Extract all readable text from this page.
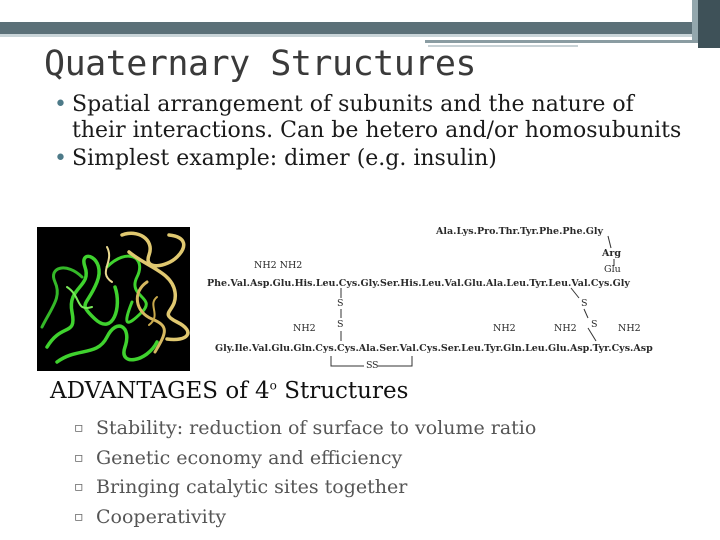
Quaternary Structures
• Spatial arrangement of subunits and the nature of their interactions. Can be hetero and/or homosubunits
• Simplest example: dimer (e.g. insulin)
Ala.Lys.Pro.Thr.Tyr.Phe.Phe.Gly
Arg
Glu
NH2 NH2
Phe.Val.Asp.Glu.His.Leu.Cys.Gly.Ser.His.Leu.Val.Glu.Ala.Leu.Tyr.Leu.Val.Cys.Gly
S	S
S	S
NH2	NH2	NH2	NH2
Gly.Ile.Val.Glu.Gln.Cys.Cys.Ala.Ser.Val.Cys.Ser.Leu.Tyr.Gln.Leu.Glu.Asp.Tyr.Cys.Asp
S S
ADVANTAGES of 4$^o$ Structures
▫ Stability: reduction of surface to volume ratio
▫ Genetic economy and efficiency
▫ Bringing catalytic sites together
▫ Cooperativity
